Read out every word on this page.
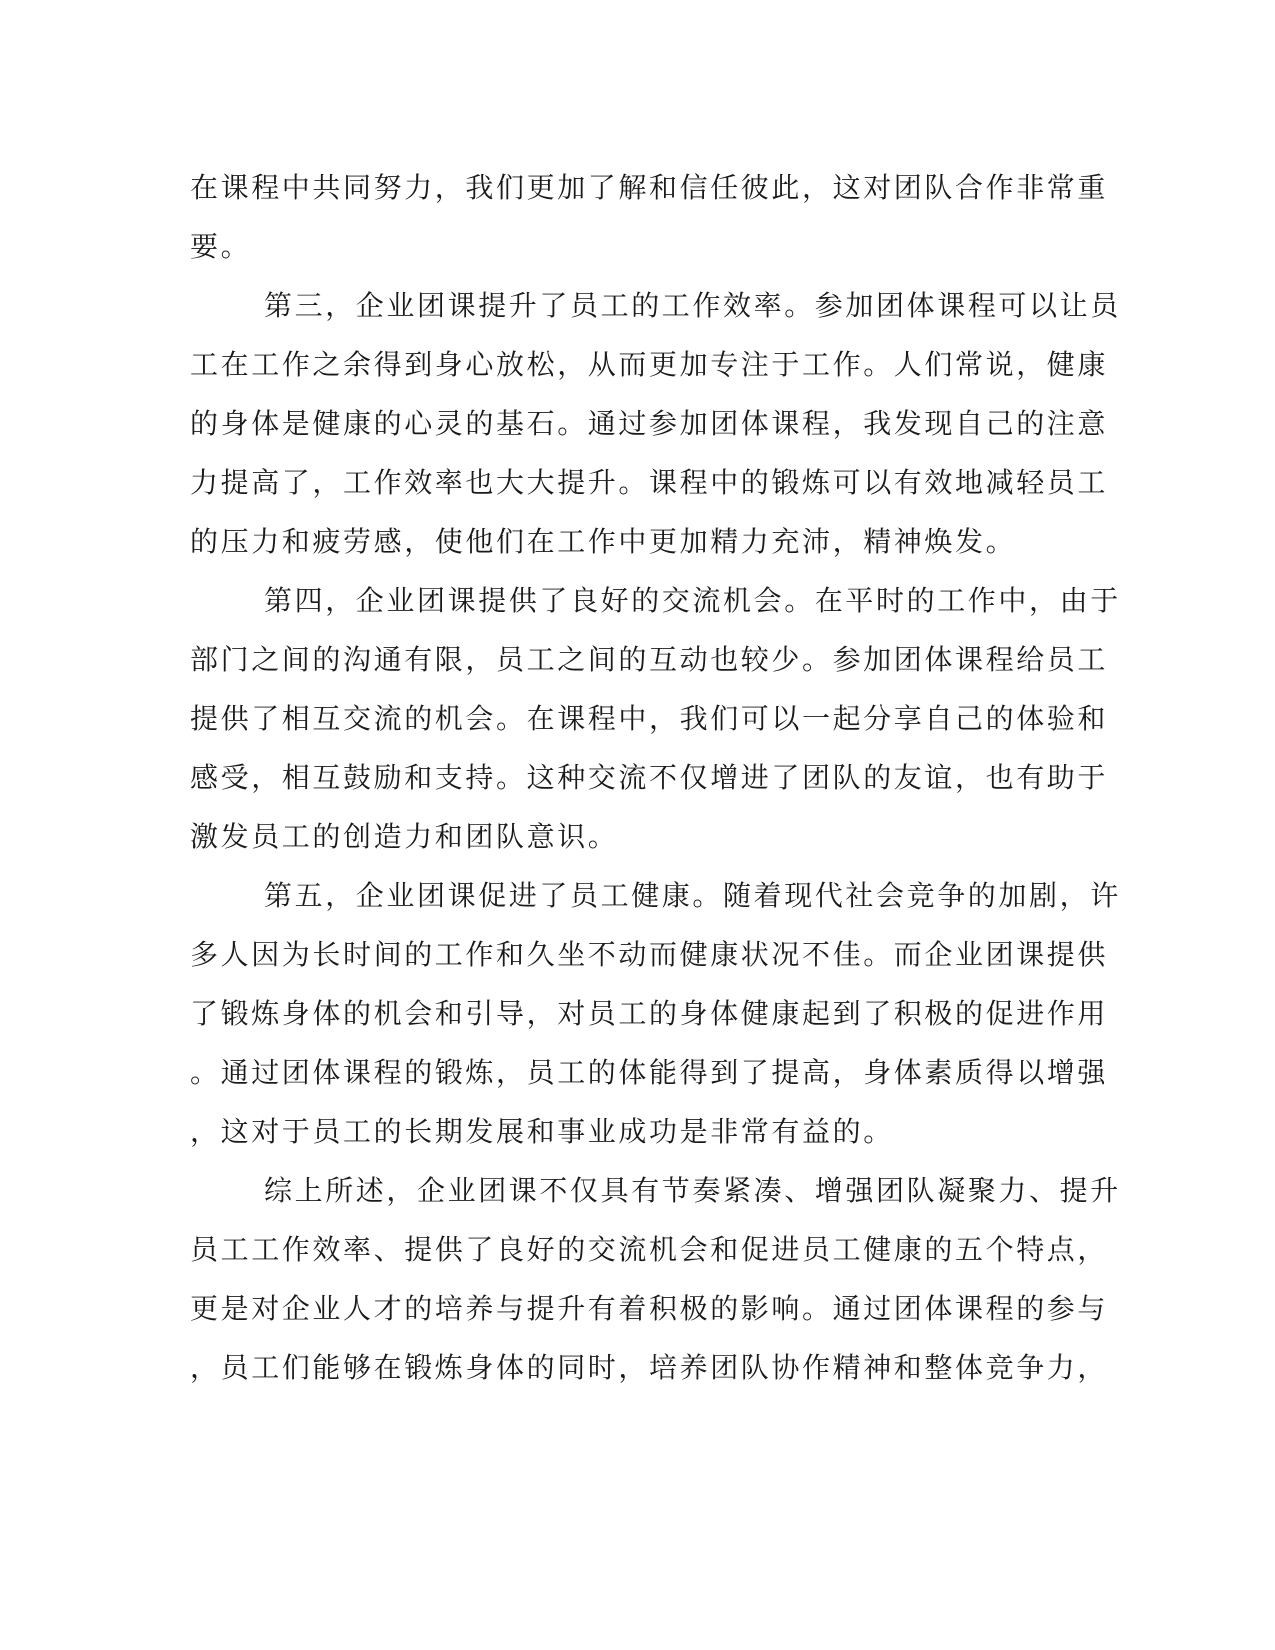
在课程中共同努力，我们更加了解和信任彼此，这对团队合作非常重
要。
第三，企业团课提升了员工的工作效率。参加团体课程可以让员
工在工作之余得到身心放松，从而更加专注于工作。人们常说，健康
的身体是健康的心灵的基石。通过参加团体课程，我发现自己的注意
力提高了，工作效率也大大提升。课程中的锻炼可以有效地减轻员工
的压力和疲劳感，使他们在工作中更加精力充沛，精神焕发。
第四，企业团课提供了良好的交流机会。在平时的工作中，由于
部门之间的沟通有限，员工之间的互动也较少。参加团体课程给员工
提供了相互交流的机会。在课程中，我们可以一起分享自己的体验和
感受，相互鼓励和支持。这种交流不仅增进了团队的友谊，也有助于
激发员工的创造力和团队意识。
第五，企业团课促进了员工健康。随着现代社会竞争的加剧，许
多人因为长时间的工作和久坐不动而健康状况不佳。而企业团课提供
了锻炼身体的机会和引导，对员工的身体健康起到了积极的促进作用
。通过团体课程的锻炼，员工的体能得到了提高，身体素质得以增强
，这对于员工的长期发展和事业成功是非常有益的。
综上所述，企业团课不仅具有节奏紧凑、增强团队凝聚力、提升
员工工作效率、提供了良好的交流机会和促进员工健康的五个特点，
更是对企业人才的培养与提升有着积极的影响。通过团体课程的参与
，员工们能够在锻炼身体的同时，培养团队协作精神和整体竞争力，
